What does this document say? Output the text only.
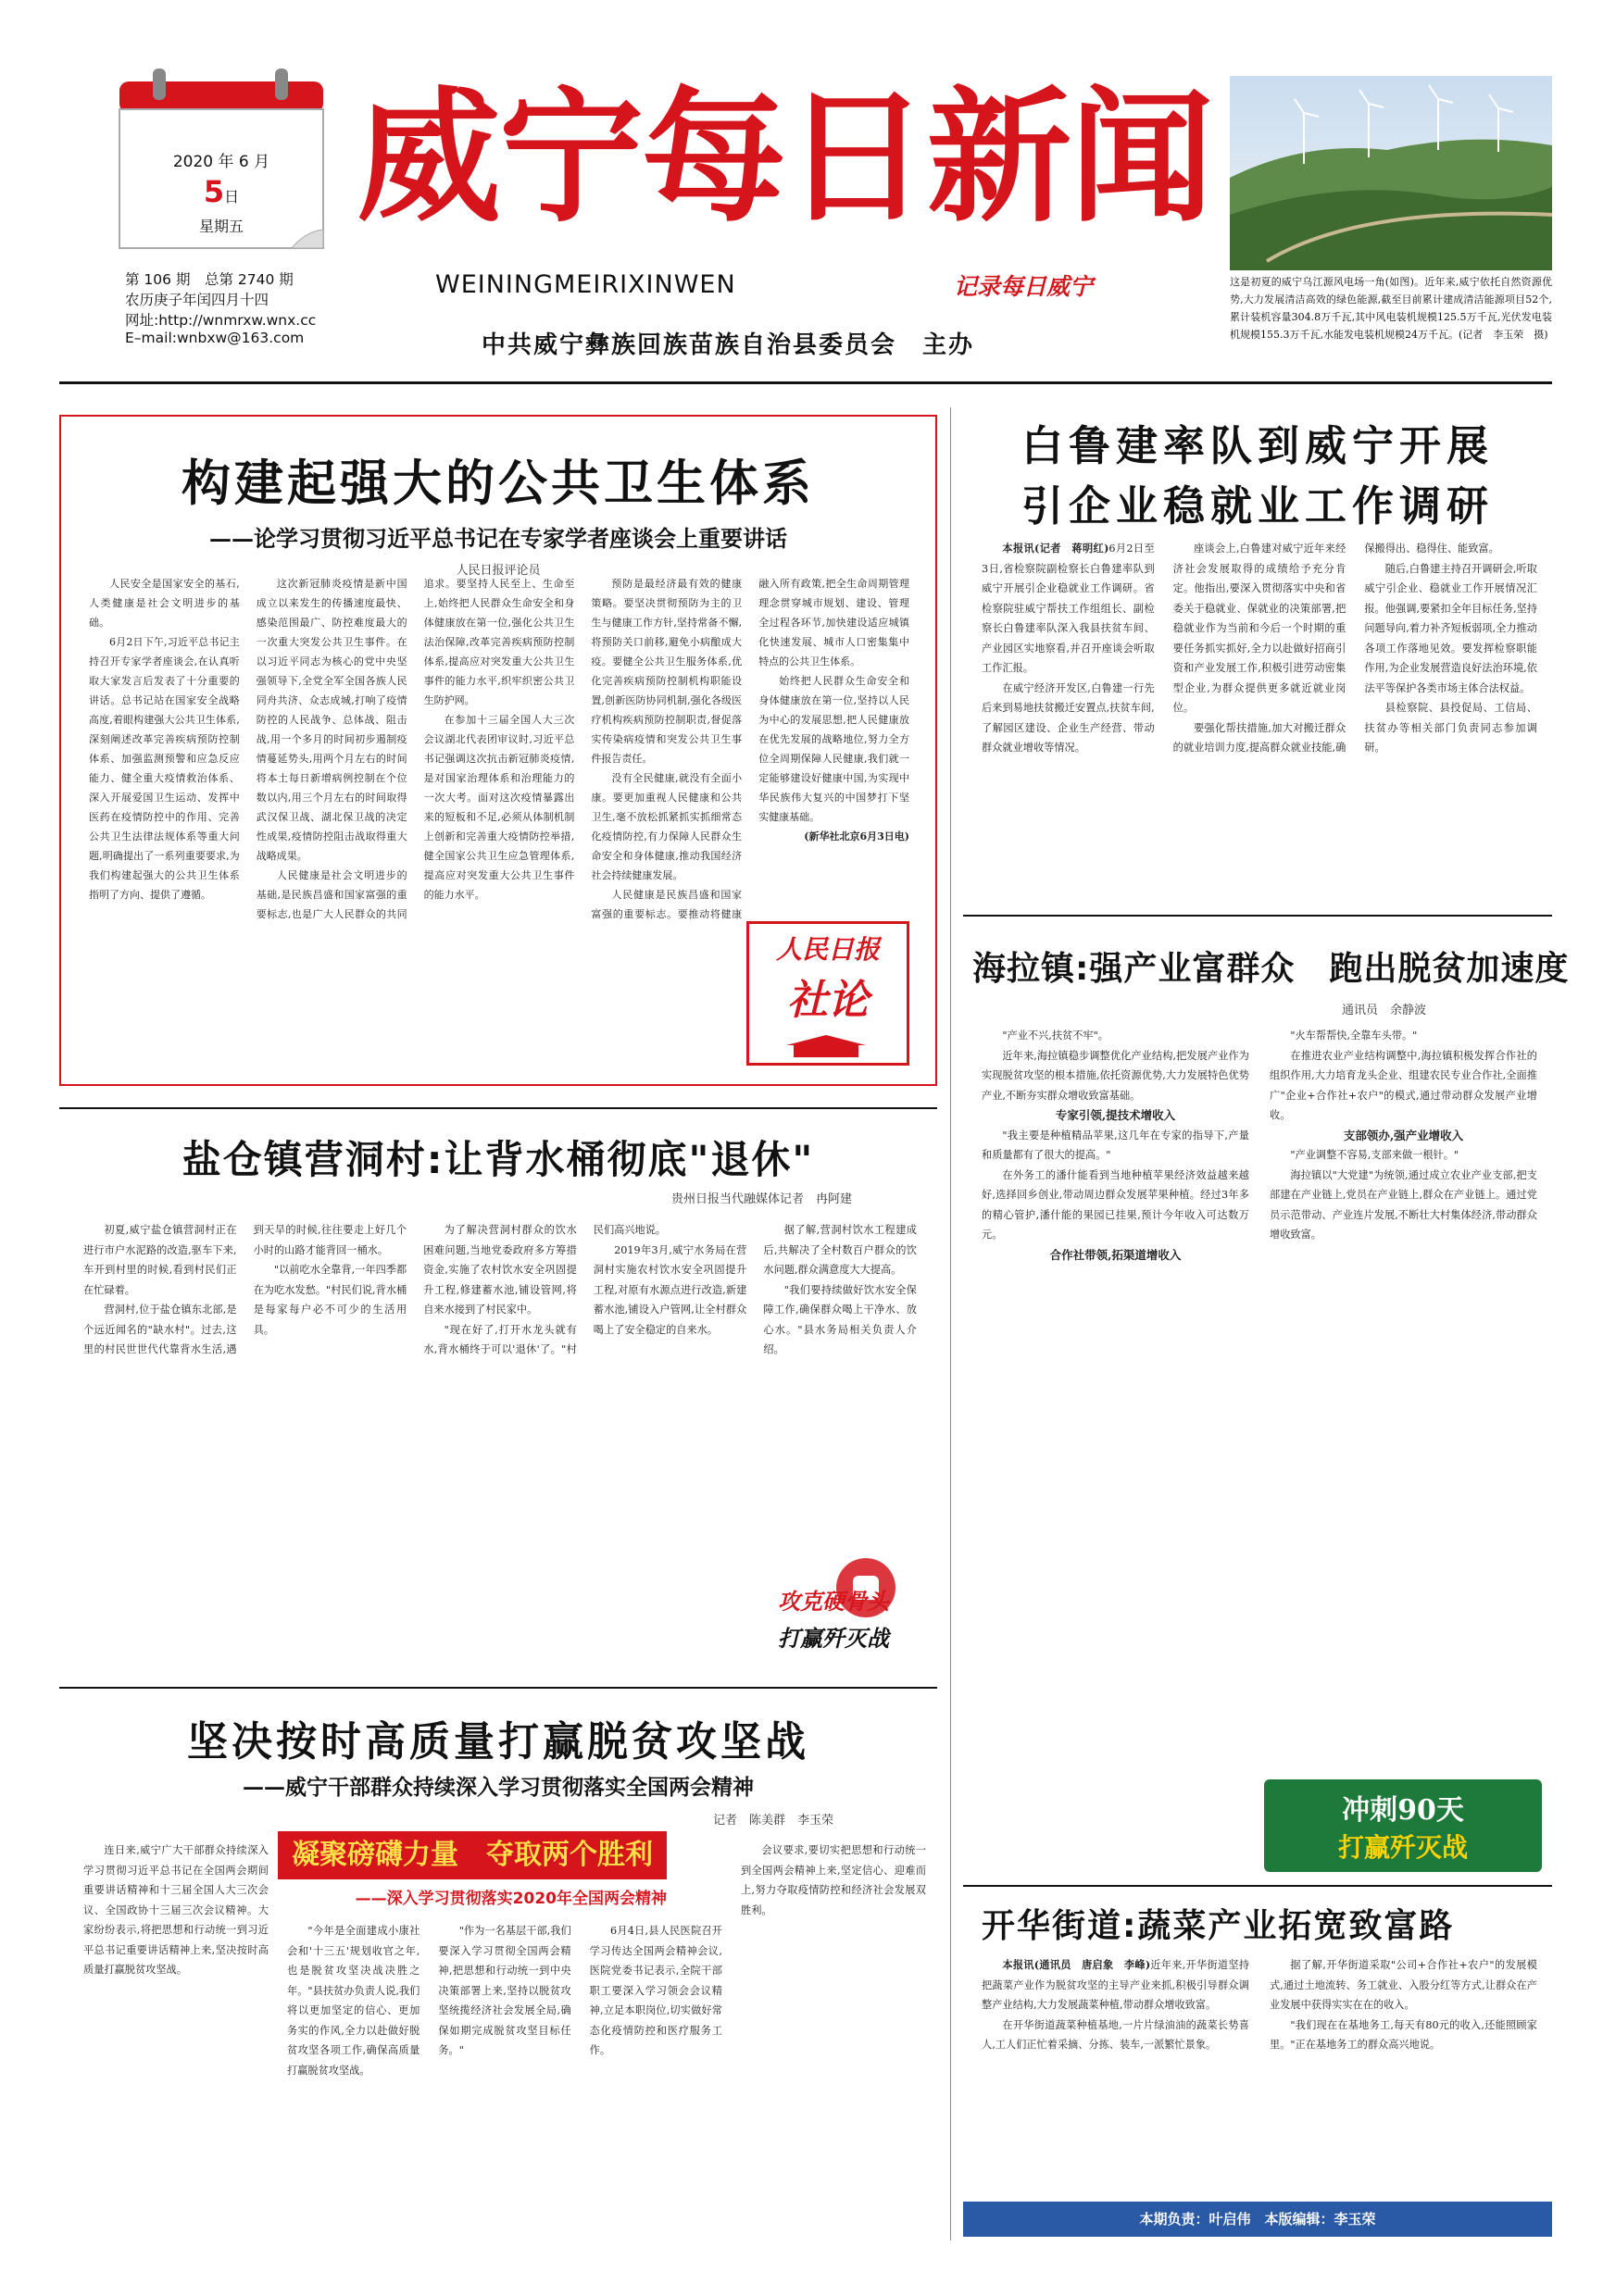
2020 年 6 月
5日
星期五
第 106 期　总第 2740 期
农历庚子年闰四月十四
网址:http://wnmrxw.wnx.cc
E–mail:wnbxw@163.com
威宁每日新闻
WEININGMEIRIXINWEN	记录每日威宁
中共威宁彝族回族苗族自治县委员会　主办
这是初夏的威宁乌江源风电场一角(如图)。近年来,威宁依托自然资源优势,大力发展清洁高效的绿色能源,截至目前累计建成清洁能源项目52个,累计装机容量304.8万千瓦,其中风电装机规模125.5万千瓦,光伏发电装机规模155.3万千瓦,水能发电装机规模24万千瓦。(记者　李玉荣　摄)
构建起强大的公共卫生体系
——论学习贯彻习近平总书记在专家学者座谈会上重要讲话
人民日报评论员

人民安全是国家安全的基石,人类健康是社会文明进步的基础。

6月2日下午,习近平总书记主持召开专家学者座谈会,在认真听取大家发言后发表了十分重要的讲话。总书记站在国家安全战略高度,着眼构建强大公共卫生体系,深刻阐述改革完善疾病预防控制体系、加强监测预警和应急反应能力、健全重大疫情救治体系、深入开展爱国卫生运动、发挥中医药在疫情防控中的作用、完善公共卫生法律法规体系等重大问题,明确提出了一系列重要要求,为我们构建起强大的公共卫生体系指明了方向、提供了遵循。

这次新冠肺炎疫情是新中国成立以来发生的传播速度最快、感染范围最广、防控难度最大的一次重大突发公共卫生事件。在以习近平同志为核心的党中央坚强领导下,全党全军全国各族人民同舟共济、众志成城,打响了疫情防控的人民战争、总体战、阻击战,用一个多月的时间初步遏制疫情蔓延势头,用两个月左右的时间将本土每日新增病例控制在个位数以内,用三个月左右的时间取得武汉保卫战、湖北保卫战的决定性成果,疫情防控阻击战取得重大战略成果。

人民健康是社会文明进步的基础,是民族昌盛和国家富强的重要标志,也是广大人民群众的共同追求。要坚持人民至上、生命至上,始终把人民群众生命安全和身体健康放在第一位,强化公共卫生法治保障,改革完善疾病预防控制体系,提高应对突发重大公共卫生事件的能力水平,织牢织密公共卫生防护网。

在参加十三届全国人大三次会议湖北代表团审议时,习近平总书记强调这次抗击新冠肺炎疫情,是对国家治理体系和治理能力的一次大考。面对这次疫情暴露出来的短板和不足,必须从体制机制上创新和完善重大疫情防控举措,健全国家公共卫生应急管理体系,提高应对突发重大公共卫生事件的能力水平。

预防是最经济最有效的健康策略。要坚决贯彻预防为主的卫生与健康工作方针,坚持常备不懈,将预防关口前移,避免小病酿成大疫。要健全公共卫生服务体系,优化完善疾病预防控制机构职能设置,创新医防协同机制,强化各级医疗机构疾病预防控制职责,督促落实传染病疫情和突发公共卫生事件报告责任。

没有全民健康,就没有全面小康。要更加重视人民健康和公共卫生,毫不放松抓紧抓实抓细常态化疫情防控,有力保障人民群众生命安全和身体健康,推动我国经济社会持续健康发展。

人民健康是民族昌盛和国家富强的重要标志。要推动将健康融入所有政策,把全生命周期管理理念贯穿城市规划、建设、管理全过程各环节,加快建设适应城镇化快速发展、城市人口密集集中特点的公共卫生体系。

始终把人民群众生命安全和身体健康放在第一位,坚持以人民为中心的发展思想,把人民健康放在优先发展的战略地位,努力全方位全周期保障人民健康,我们就一定能够建设好健康中国,为实现中华民族伟大复兴的中国梦打下坚实健康基础。

(新华社北京6月3日电)

人民日报
社论
白鲁建率队到威宁开展
引企业稳就业工作调研

本报讯(记者　蒋明红)6月2日至3日,省检察院副检察长白鲁建率队到威宁开展引企业稳就业工作调研。省检察院驻威宁帮扶工作组组长、副检察长白鲁建率队深入我县扶贫车间、产业园区实地察看,并召开座谈会听取工作汇报。

在威宁经济开发区,白鲁建一行先后来到易地扶贫搬迁安置点,扶贫车间,了解园区建设、企业生产经营、带动群众就业增收等情况。

座谈会上,白鲁建对威宁近年来经济社会发展取得的成绩给予充分肯定。他指出,要深入贯彻落实中央和省委关于稳就业、保就业的决策部署,把稳就业作为当前和今后一个时期的重要任务抓实抓好,全力以赴做好招商引资和产业发展工作,积极引进劳动密集型企业,为群众提供更多就近就业岗位。

要强化帮扶措施,加大对搬迁群众的就业培训力度,提高群众就业技能,确保搬得出、稳得住、能致富。

随后,白鲁建主持召开调研会,听取威宁引企业、稳就业工作开展情况汇报。他强调,要紧扣全年目标任务,坚持问题导向,着力补齐短板弱项,全力推动各项工作落地见效。要发挥检察职能作用,为企业发展营造良好法治环境,依法平等保护各类市场主体合法权益。

县检察院、县投促局、工信局、扶贫办等相关部门负责同志参加调研。

海拉镇:强产业富群众　跑出脱贫加速度
通讯员　余静波

"产业不兴,扶贫不牢"。

近年来,海拉镇稳步调整优化产业结构,把发展产业作为实现脱贫攻坚的根本措施,依托资源优势,大力发展特色优势产业,不断夯实群众增收致富基础。

专家引领,提技术增收入

"我主要是种植精品苹果,这几年在专家的指导下,产量和质量都有了很大的提高。"

在外务工的潘什能看到当地种植苹果经济效益越来越好,选择回乡创业,带动周边群众发展苹果种植。经过3年多的精心管护,潘什能的果园已挂果,预计今年收入可达数万元。

合作社带领,拓渠道增收入

"火车帮帮快,全靠车头带。"

在推进农业产业结构调整中,海拉镇积极发挥合作社的组织作用,大力培育龙头企业、组建农民专业合作社,全面推广"企业+合作社+农户"的模式,通过带动群众发展产业增收。

支部领办,强产业增收入

"产业调整不容易,支部来做一根针。"

海拉镇以"大党建"为统领,通过成立农业产业支部,把支部建在产业链上,党员在产业链上,群众在产业链上。通过党员示范带动、产业连片发展,不断壮大村集体经济,带动群众增收致富。

冲刺90天
打赢歼灭战
开华街道:蔬菜产业拓宽致富路

本报讯(通讯员　唐启象　李峰)近年来,开华街道坚持把蔬菜产业作为脱贫攻坚的主导产业来抓,积极引导群众调整产业结构,大力发展蔬菜种植,带动群众增收致富。

在开华街道蔬菜种植基地,一片片绿油油的蔬菜长势喜人,工人们正忙着采摘、分拣、装车,一派繁忙景象。

据了解,开华街道采取"公司+合作社+农户"的发展模式,通过土地流转、务工就业、入股分红等方式,让群众在产业发展中获得实实在在的收入。

"我们现在在基地务工,每天有80元的收入,还能照顾家里。"正在基地务工的群众高兴地说。

盐仓镇营洞村:让背水桶彻底"退休"
贵州日报当代融媒体记者　冉阿建

初夏,威宁盐仓镇营洞村正在进行市户水泥路的改造,驱车下来,车开到村里的时候,看到村民们正在忙碌着。

营洞村,位于盐仓镇东北部,是个远近闻名的"缺水村"。过去,这里的村民世世代代靠背水生活,遇到天旱的时候,往往要走上好几个小时的山路才能背回一桶水。

"以前吃水全靠背,一年四季都在为吃水发愁。"村民们说,背水桶是每家每户必不可少的生活用具。

为了解决营洞村群众的饮水困难问题,当地党委政府多方筹措资金,实施了农村饮水安全巩固提升工程,修建蓄水池,铺设管网,将自来水接到了村民家中。

"现在好了,打开水龙头就有水,背水桶终于可以'退休'了。"村民们高兴地说。

2019年3月,威宁水务局在营洞村实施农村饮水安全巩固提升工程,对原有水源点进行改造,新建蓄水池,铺设入户管网,让全村群众喝上了安全稳定的自来水。

据了解,营洞村饮水工程建成后,共解决了全村数百户群众的饮水问题,群众满意度大大提高。

"我们要持续做好饮水安全保障工作,确保群众喝上干净水、放心水。"县水务局相关负责人介绍。

攻克硬骨头
打赢歼灭战
坚决按时高质量打赢脱贫攻坚战
——威宁干部群众持续深入学习贯彻落实全国两会精神
记者　陈美群　李玉荣
凝聚磅礴力量　夺取两个胜利
——深入学习贯彻落实2020年全国两会精神

连日来,威宁广大干部群众持续深入学习贯彻习近平总书记在全国两会期间重要讲话精神和十三届全国人大三次会议、全国政协十三届三次会议精神。大家纷纷表示,将把思想和行动统一到习近平总书记重要讲话精神上来,坚决按时高质量打赢脱贫攻坚战。

"今年是全面建成小康社会和'十三五'规划收官之年,也是脱贫攻坚决战决胜之年。"县扶贫办负责人说,我们将以更加坚定的信心、更加务实的作风,全力以赴做好脱贫攻坚各项工作,确保高质量打赢脱贫攻坚战。

"作为一名基层干部,我们要深入学习贯彻全国两会精神,把思想和行动统一到中央决策部署上来,坚持以脱贫攻坚统揽经济社会发展全局,确保如期完成脱贫攻坚目标任务。"

6月4日,县人民医院召开学习传达全国两会精神会议,医院党委书记表示,全院干部职工要深入学习领会会议精神,立足本职岗位,切实做好常态化疫情防控和医疗服务工作。

会议要求,要切实把思想和行动统一到全国两会精神上来,坚定信心、迎难而上,努力夺取疫情防控和经济社会发展双胜利。

本期负责：叶启伟　本版编辑：李玉荣
